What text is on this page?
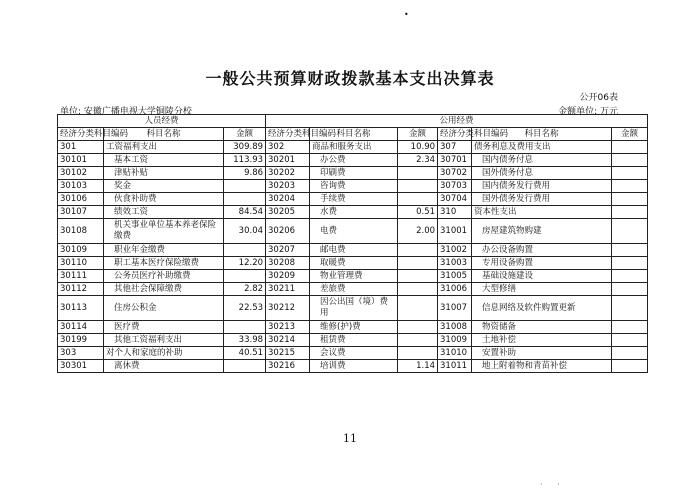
•
一般公共预算财政拨款基本支出决算表
公开06表
单位: 安徽广播电视大学铜陵分校	金额单位: 万元
人员经费			公用经费					
经济分类科目编码	科目名称	金额	经济分类科目编码	科目名称	金额	经济分类科目编码	科目名称	金额
301	工资福利支出	309.89	302	商品和服务支出	10.90	307	债务利息及费用支出	
30101	基本工资	113.93	30201	办公费	2.34	30701	国内债务付息	
30102	津贴补贴	9.86	30202	印刷费		30702	国外债务付息	
30103	奖金		30203	咨询费		30703	国内债务发行费用	
30106	伙食补助费		30204	手续费		30704	国外债务发行费用	
30107	绩效工资	84.54	30205	水费	0.51	310	资本性支出	
30108	机关事业单位基本养老保险缴费	30.04	30206	电费	2.00	31001	房屋建筑物购建	
30109	职业年金缴费		30207	邮电费		31002	办公设备购置	
30110	职工基本医疗保险缴费	12.20	30208	取暖费		31003	专用设备购置	
30111	公务员医疗补助缴费		30209	物业管理费		31005	基础设施建设	
30112	其他社会保障缴费	2.82	30211	差旅费		31006	大型修缮	
30113	住房公积金	22.53	30212	因公出国（境）费用		31007	信息网络及软件购置更新	
30114	医疗费		30213	维修(护)费		31008	物资储备	
30199	其他工资福利支出	33.98	30214	租赁费		31009	土地补偿	
303	对个人和家庭的补助	40.51	30215	会议费		31010	安置补助	
30301	离休费		30216	培训费	1.14	31011	地上附着物和青苗补偿	
11
· ·
